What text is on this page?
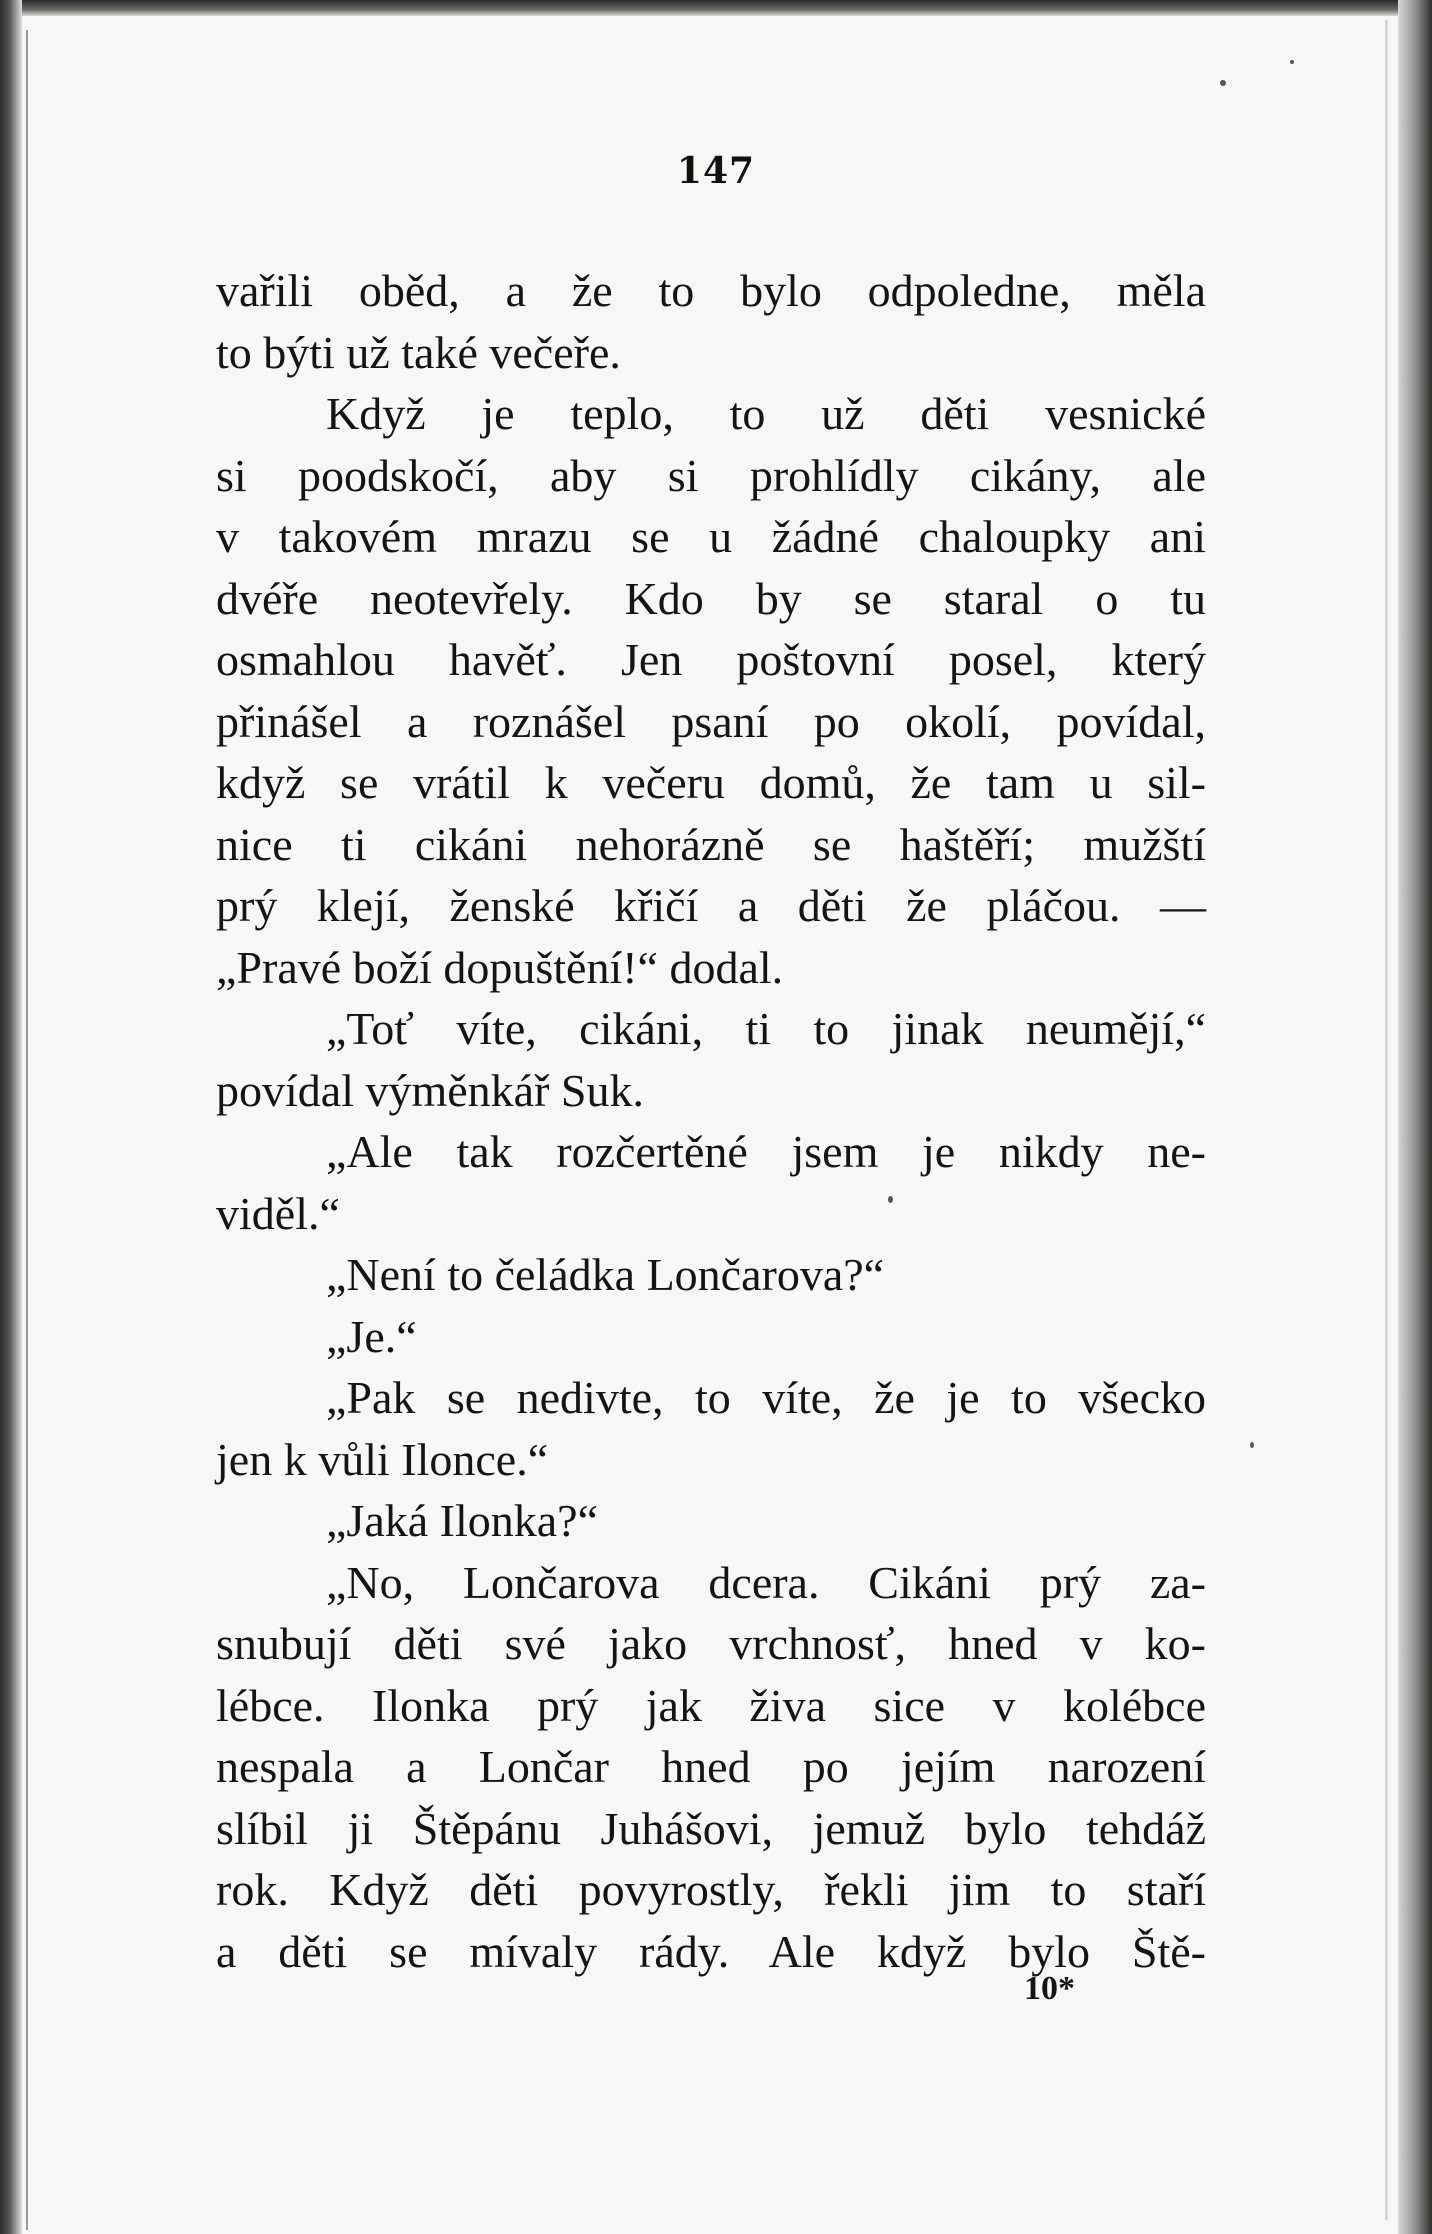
147
vařili oběd, a že to bylo odpoledne, měla
to býti už také večeře.
Když je teplo, to už děti vesnické
si poodskočí, aby si prohlídly cikány, ale
v takovém mrazu se u žádné chaloupky ani
dvéře neotevřely. Kdo by se staral o tu
osmahlou havěť. Jen poštovní posel, který
přinášel a roznášel psaní po okolí, povídal,
když se vrátil k večeru domů, že tam u sil-
nice ti cikáni nehorázně se haštěří; mužští
prý klejí, ženské křičí a děti že pláčou. —
„Pravé boží dopuštění!“ dodal.
„Toť víte, cikáni, ti to jinak neumějí,“
povídal výměnkář Suk.
„Ale tak rozčertěné jsem je nikdy ne-
viděl.“
„Není to čeládka Lončarova?“
„Je.“
„Pak se nedivte, to víte, že je to všecko
jen k vůli Iloncе.“
„Jaká Ilonka?“
„No, Lončarova dcera. Cikáni prý za-
snubují děti své jako vrchnosť, hned v ko-
lébce. Ilonka prý jak živa sice v kolébce
nespala a Lončar hned po jejím narození
slíbil ji Štěpánu Juhášovi, jemuž bylo tehdáž
rok. Když děti povyrostly, řekli jim to staří
a děti se mívaly rády. Ale když bylo Ště-
10*
